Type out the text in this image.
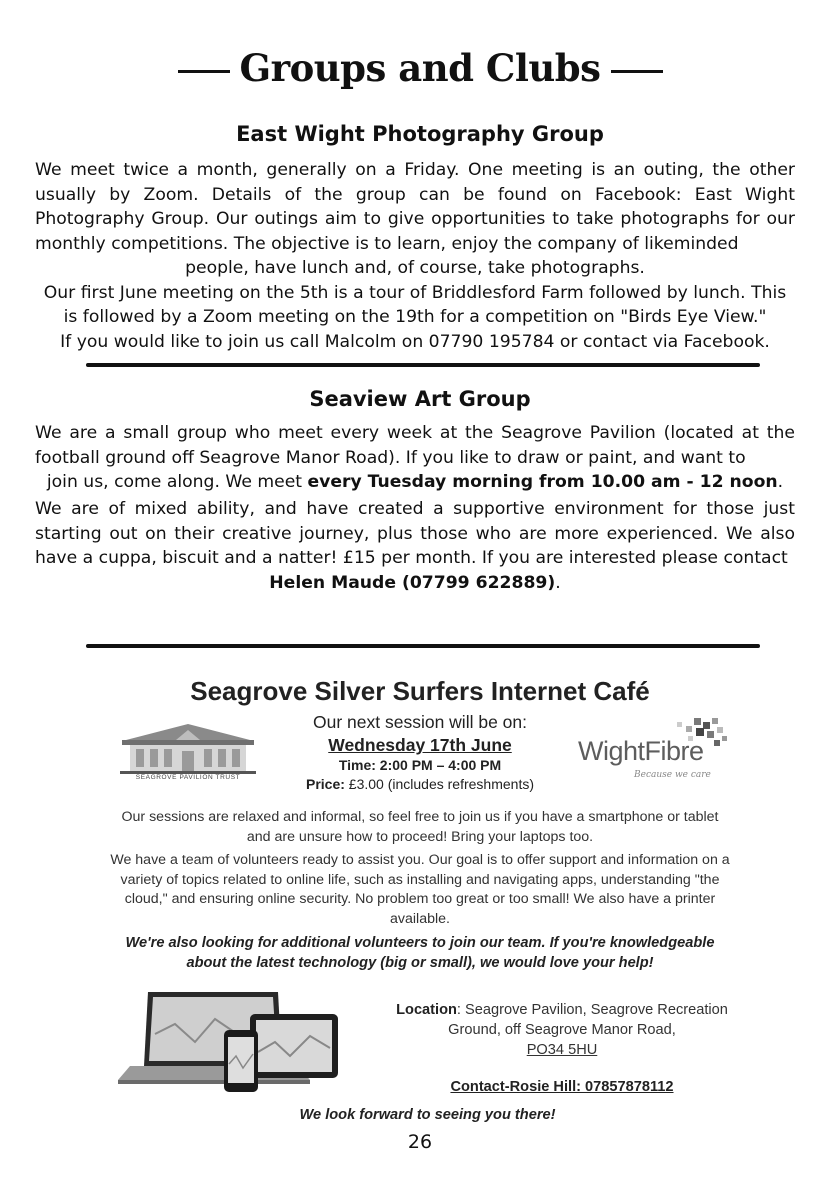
Groups and Clubs
East Wight Photography Group
We meet twice a month, generally on a Friday. One meeting is an outing, the other usually by Zoom. Details of the group can be found on Facebook: East Wight Photography Group. Our outings aim to give opportunities to take photographs for our monthly competitions. The objective is to learn, enjoy the company of likeminded
people, have lunch and, of course, take photographs.
Our first June meeting on the 5th is a tour of Briddlesford Farm followed by lunch. This
is followed by a Zoom meeting on the 19th for a competition on "Birds Eye View."
If you would like to join us call Malcolm on 07790 195784 or contact via Facebook.
Seaview Art Group
We are a small group who meet every week at the Seagrove Pavilion (located at the football ground off Seagrove Manor Road). If you like to draw or paint, and want to
join us, come along. We meet every Tuesday morning from 10.00 am - 12 noon.
We are of mixed ability, and have created a supportive environment for those just starting out on their creative journey, plus those who are more experienced. We also have a cuppa, biscuit and a natter! £15 per month. If you are interested please contact
Helen Maude (07799 622889).
Seagrove Silver Surfers Internet Café
SEAGROVE PAVILION TRUST
Our next session will be on:
Wednesday 17th June
Time: 2:00 PM – 4:00 PM
Price: £3.00 (includes refreshments)
WightFibre
Because we care
Our sessions are relaxed and informal, so feel free to join us if you have a smartphone or tablet and are unsure how to proceed! Bring your laptops too.
We have a team of volunteers ready to assist you. Our goal is to offer support and information on a variety of topics related to online life, such as installing and navigating apps, understanding "the cloud," and ensuring online security. No problem too great or too small! We also have a printer available.
We're also looking for additional volunteers to join our team. If you're knowledgeable about the latest technology (big or small), we would love your help!
Location: Seagrove Pavilion, Seagrove Recreation Ground, off Seagrove Manor Road,
PO34 5HU
Contact-Rosie Hill: 07857878112
We look forward to seeing you there!
26
